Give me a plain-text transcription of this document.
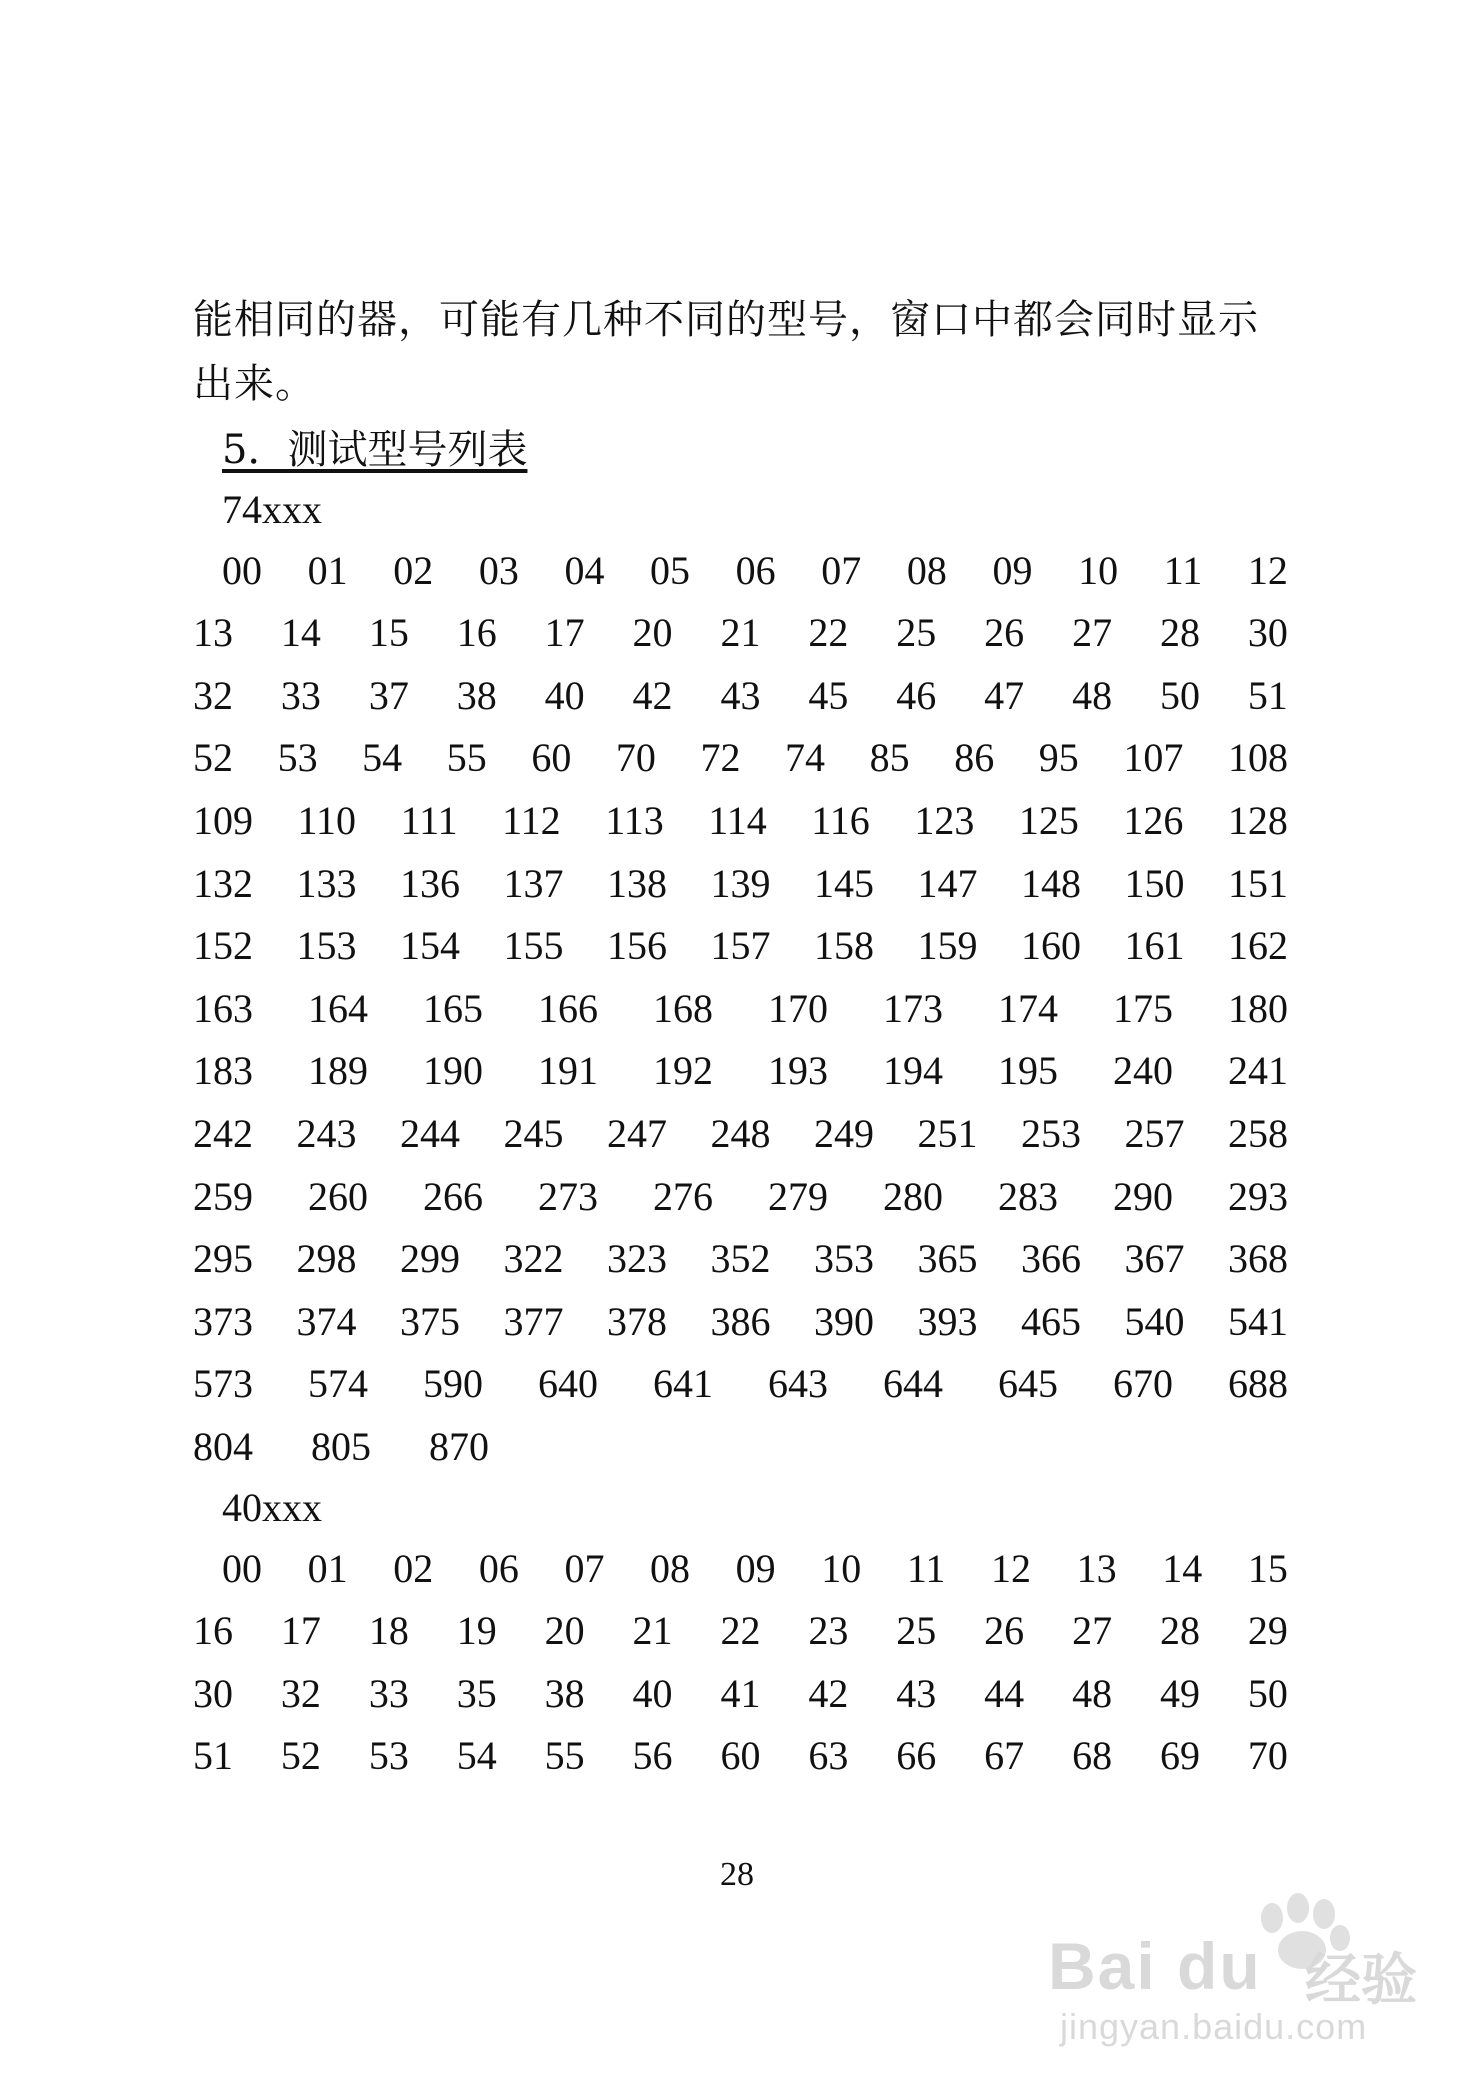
能相同的器，可能有几种不同的型号，窗口中都会同时显示出来。
5．测试型号列表
74xxx
00 01 02 03 04 05 06 07 08 09 10 11 12
13 14 15 16 17 20 21 22 25 26 27 28 30
32 33 37 38 40 42 43 45 46 47 48 50 51
52 53 54 55 60 70 72 74 85 86 95 107 108
109 110 111 112 113 114 116 123 125 126 128
132 133 136 137 138 139 145 147 148 150 151
152 153 154 155 156 157 158 159 160 161 162
163 164 165 166 168 170 173 174 175 180
183 189 190 191 192 193 194 195 240 241
242 243 244 245 247 248 249 251 253 257 258
259 260 266 273 276 279 280 283 290 293
295 298 299 322 323 352 353 365 366 367 368
373 374 375 377 378 386 390 393 465 540 541
573 574 590 640 641 643 644 645 670 688
804 805 870
40xxx
00 01 02 06 07 08 09 10 11 12 13 14 15
16 17 18 19 20 21 22 23 25 26 27 28 29
30 32 33 35 38 40 41 42 43 44 48 49 50
51 52 53 54 55 56 60 63 66 67 68 69 70
28
Bai du 经验
jingyan.baidu.com
